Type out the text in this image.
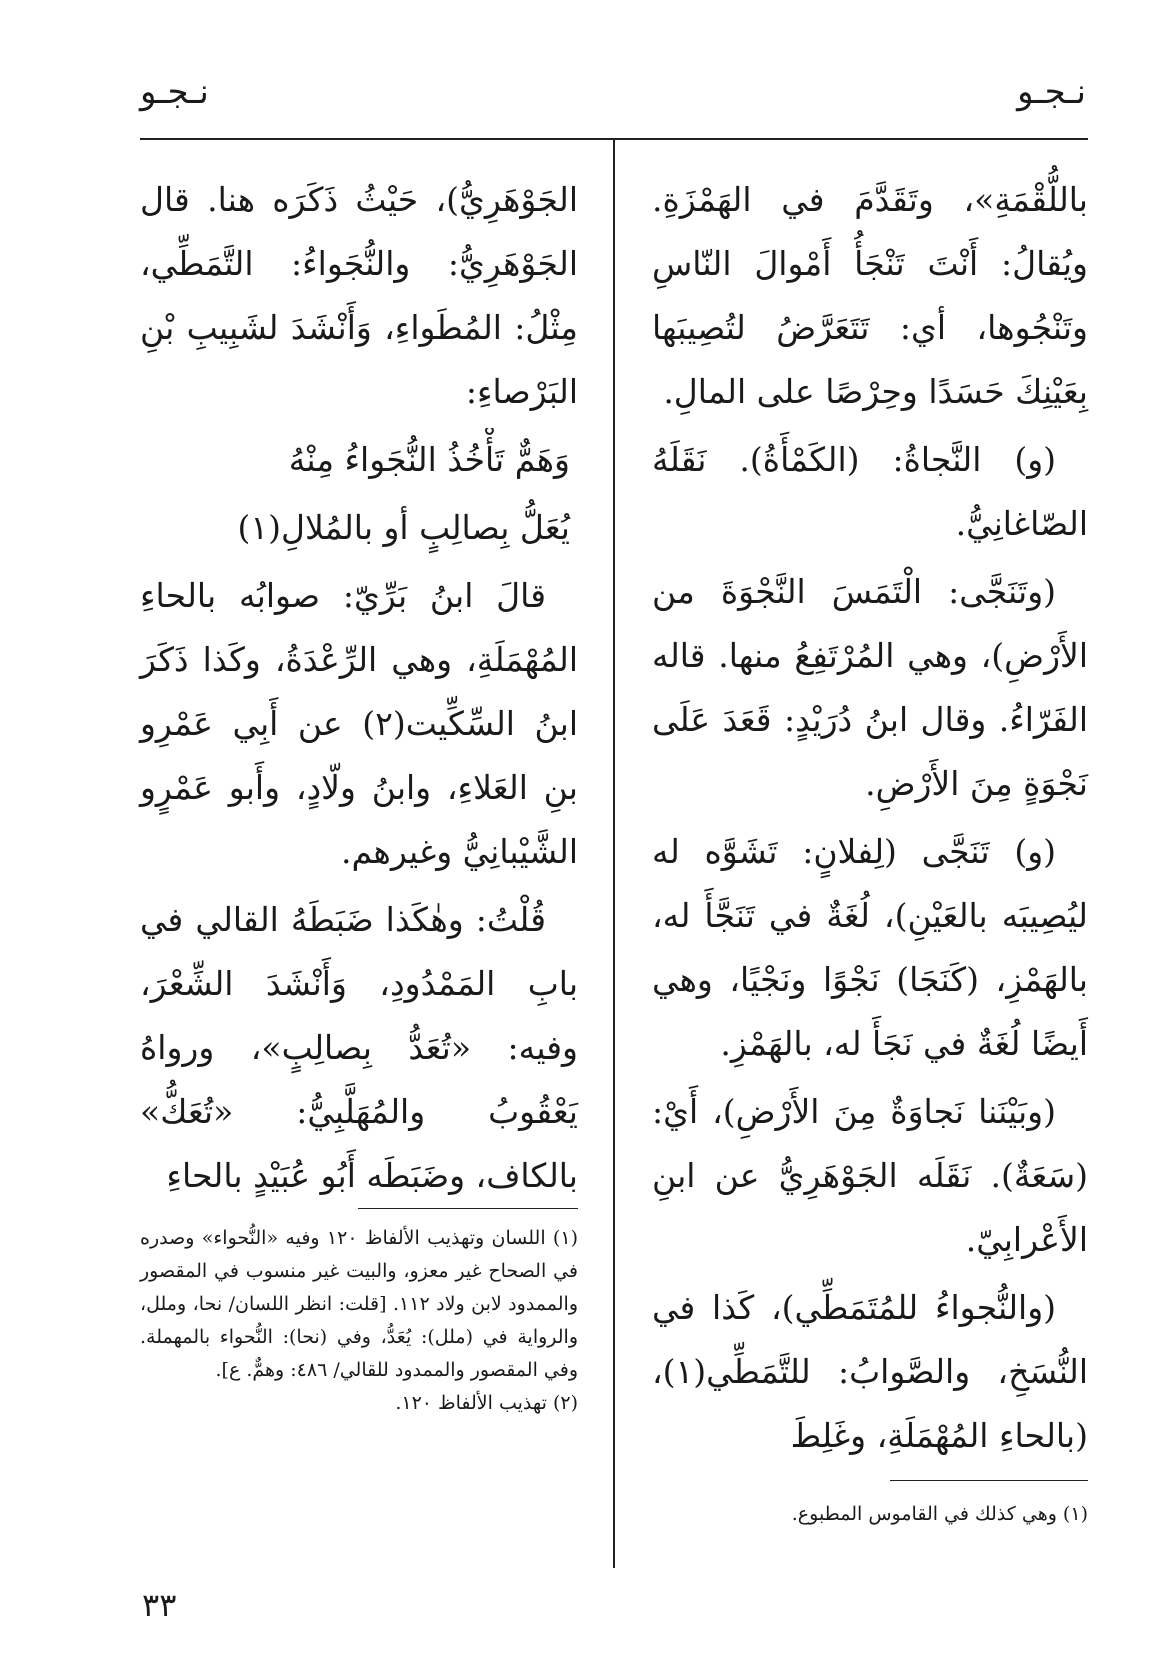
نـجـو
نـجـو

باللُّقْمَةِ»، وتَقَدَّمَ في الهَمْزَةِ. ويُقالُ: أَنْتَ تَنْجَأُ أَمْوالَ النّاسِ وتَنْجُوها، أي: تَتَعَرَّضُ لتُصِيبَها بِعَيْنِكَ حَسَدًا وحِرْصًا على المالِ.

(و) النَّجاةُ: (الكَمْأَةُ). نَقَلَهُ الصّاغانِيُّ.

(وتَنَجَّى: الْتَمَسَ النَّجْوَةَ من الأَرْضِ)، وهي المُرْتَفِعُ منها. قاله الفَرّاءُ. وقال ابنُ دُرَيْدٍ: قَعَدَ عَلَى نَجْوَةٍ مِنَ الأَرْضِ.

(و) تَنَجَّى (لِفلانٍ: تَشَوَّه له ليُصِيبَه بالعَيْنِ)، لُغَةٌ في تَنَجَّأَ له، بالهَمْزِ، (كَنَجَا) نَجْوًا ونَجْيًا، وهي أَيضًا لُغَةٌ في نَجَأَ له، بالهَمْزِ.

(وبَيْنَنا نَجاوَةٌ مِنَ الأَرْضِ)، أَيْ: (سَعَةٌ). نَقَلَه الجَوْهَرِيُّ عن ابنِ الأَعْرابِيّ.

(والنُّجواءُ للمُتَمَطِّي)، كَذا في النُّسَخِ، والصَّوابُ: للتَّمَطِّي(١)، (بالحاءِ المُهْمَلَةِ، وغَلِطَ

الجَوْهَرِيُّ)، حَيْثُ ذَكَرَه هنا. قال الجَوْهَرِيُّ: والنُّجَواءُ: التَّمَطِّي، مِثْلُ: المُطَواءِ، وَأَنْشَدَ لشَبِيبِ بْنِ البَرْصاءِ:

وَهَمٌّ تَأْخُذُ النُّجَواءُ مِنْهُ

يُعَلُّ بِصالِبٍ أو بالمُلالِ(١)

قالَ ابنُ بَرِّيّ: صوابُه بالحاءِ المُهْمَلَةِ، وهي الرِّعْدَةُ، وكَذا ذَكَرَ ابنُ السِّكِّيت(٢) عن أَبِي عَمْرِو بنِ العَلاءِ، وابنُ ولّادٍ، وأَبو عَمْرٍو الشَّيْبانِيُّ وغيرهم.

قُلْتُ: وهٰكَذا ضَبَطَهُ القالي في بابِ المَمْدُودِ، وَأَنْشَدَ الشِّعْرَ، وفيه: «تُعَدُّ بِصالِبٍ»، ورواهُ يَعْقُوبُ والمُهَلَّبِيُّ: «تُعَكُّ» بالكاف، وضَبَطَه أَبُو عُبَيْدٍ بالحاءِ

(١) اللسان وتهذيب الألفاظ ١٢٠ وفيه «النُّحواء» وصدره في الصحاح غير معزو، والبيت غير منسوب في المقصور والممدود لابن ولاد ١١٢. [قلت: انظر اللسان/ نحا، وملل، والرواية في (ملل): يُعَدُّ، وفي (نحا): النُّحواء بالمهملة. وفي المقصور والممدود للقالي/ ٤٨٦: وهمٌّ. ع].

(٢) تهذيب الألفاظ ١٢٠.

(١) وهي كذلك في القاموس المطبوع.

٣٣
